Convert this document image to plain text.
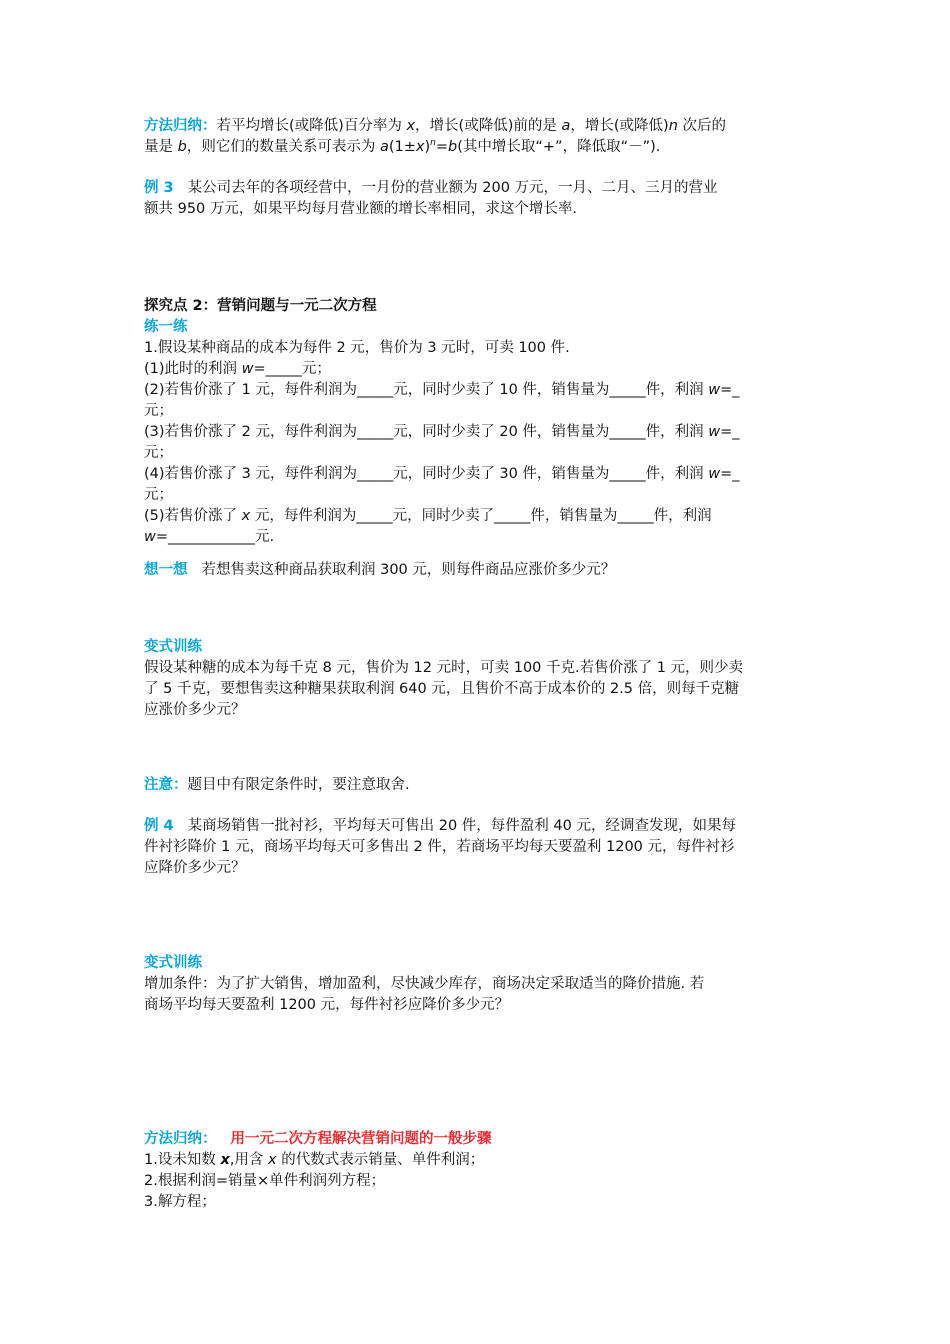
方法归纳：若平均增长(或降低)百分率为 x，增长(或降低)前的是 a，增长(或降低)n 次后的
量是 b，则它们的数量关系可表示为 $a(1\pm x)^n=b$(其中增长取“+”，降低取“－”).
例 3 某公司去年的各项经营中，一月份的营业额为 200 万元，一月、二月、三月的营业
额共 950 万元，如果平均每月营业额的增长率相同，求这个增长率.
探究点 2：营销问题与一元二次方程
练一练
1.假设某种商品的成本为每件 2 元，售价为 3 元时，可卖 100 件.
(1)此时的利润 w=_____元；
(2)若售价涨了 1 元，每件利润为_____元，同时少卖了 10 件，销售量为_____件，利润 w=_
元；
(3)若售价涨了 2 元，每件利润为_____元，同时少卖了 20 件，销售量为_____件，利润 w=_
元；
(4)若售价涨了 3 元，每件利润为_____元，同时少卖了 30 件，销售量为_____件，利润 w=_
元；
(5)若售价涨了 x 元，每件利润为_____元，同时少卖了_____件，销售量为_____件，利润
w=____________元.
想一想 若想售卖这种商品获取利润 300 元，则每件商品应涨价多少元？
变式训练
假设某种糖的成本为每千克 8 元，售价为 12 元时，可卖 100 千克.若售价涨了 1 元，则少卖
了 5 千克，要想售卖这种糖果获取利润 640 元，且售价不高于成本价的 2.5 倍，则每千克糖
应涨价多少元？
注意：题目中有限定条件时，要注意取舍.
例 4 某商场销售一批衬衫，平均每天可售出 20 件，每件盈利 40 元，经调查发现，如果每
件衬衫降价 1 元，商场平均每天可多售出 2 件，若商场平均每天要盈利 1200 元，每件衬衫
应降价多少元？
变式训练
增加条件：为了扩大销售，增加盈利，尽快减少库存，商场决定采取适当的降价措施. 若
商场平均每天要盈利 1200 元，每件衬衫应降价多少元？
方法归纳： 用一元二次方程解决营销问题的一般步骤
1.设未知数 x,用含 x 的代数式表示销量、单件利润；
2.根据利润=销量×单件利润列方程；
3.解方程；
